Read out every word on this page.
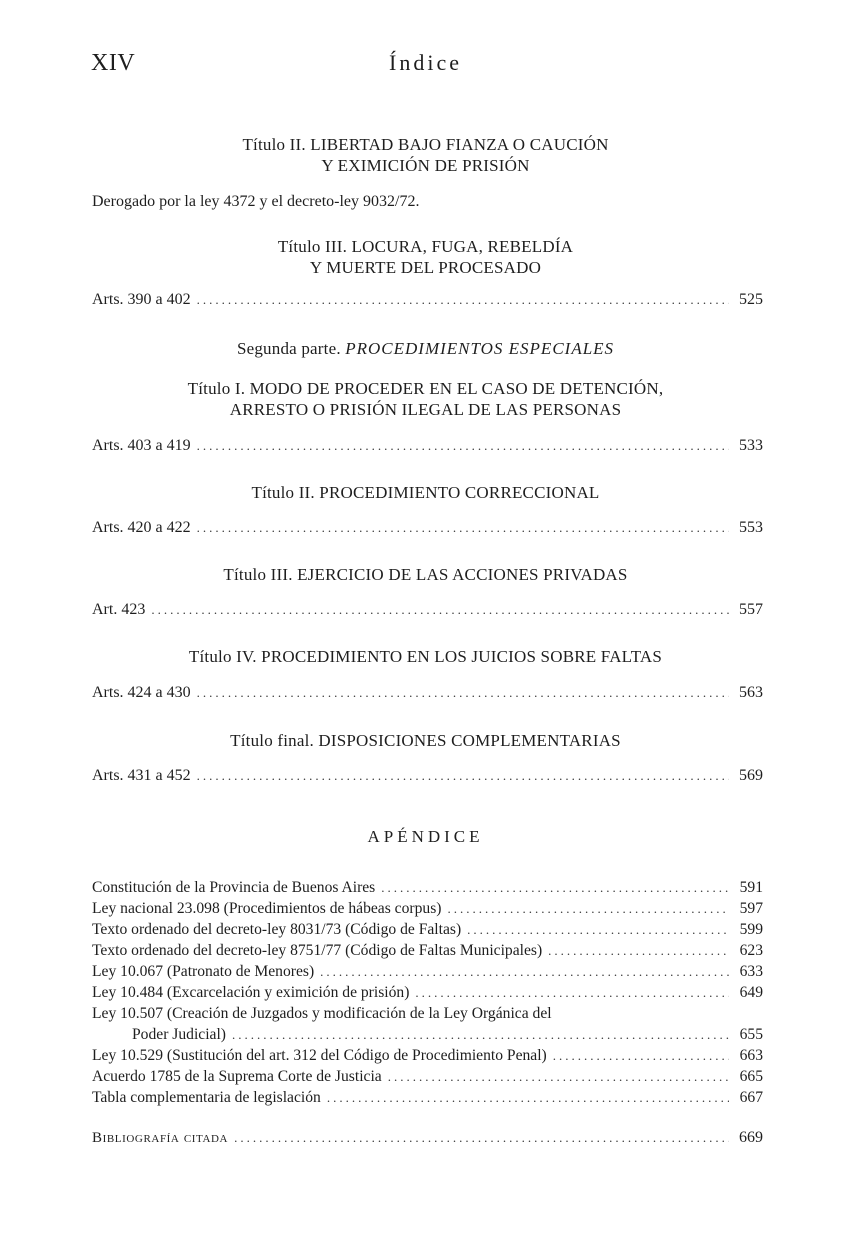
XIV	Índice
Título II. LIBERTAD BAJO FIANZA O CAUCIÓN
Y EXIMICIÓN DE PRISIÓN
Derogado por la ley 4372 y el decreto-ley 9032/72.
Título III. LOCURA, FUGA, REBELDÍA
Y MUERTE DEL PROCESADO
Arts. 390 a 402 .....	525
Segunda parte. PROCEDIMIENTOS ESPECIALES
Título I. MODO DE PROCEDER EN EL CASO DE DETENCIÓN,
ARRESTO O PRISIÓN ILEGAL DE LAS PERSONAS
Arts. 403 a 419 .....	533
Título II. PROCEDIMIENTO CORRECCIONAL
Arts. 420 a 422 .....	553
Título III. EJERCICIO DE LAS ACCIONES PRIVADAS
Art. 423 .....	557
Título IV. PROCEDIMIENTO EN LOS JUICIOS SOBRE FALTAS
Arts. 424 a 430 .....	563
Título final. DISPOSICIONES COMPLEMENTARIAS
Arts. 431 a 452 .....	569
APÉNDICE
Constitución de la Provincia de Buenos Aires .....	591
Ley nacional 23.098 (Procedimientos de hábeas corpus) .....	597
Texto ordenado del decreto-ley 8031/73 (Código de Faltas) .....	599
Texto ordenado del decreto-ley 8751/77 (Código de Faltas Municipales) .....	623
Ley 10.067 (Patronato de Menores) .....	633
Ley 10.484 (Excarcelación y eximición de prisión) .....	649
Ley 10.507 (Creación de Juzgados y modificación de la Ley Orgánica del
Poder Judicial) .....	655
Ley 10.529 (Sustitución del art. 312 del Código de Procedimiento Penal) .....	663
Acuerdo 1785 de la Suprema Corte de Justicia .....	665
Tabla complementaria de legislación .....	667
Bibliografía citada .....	669
